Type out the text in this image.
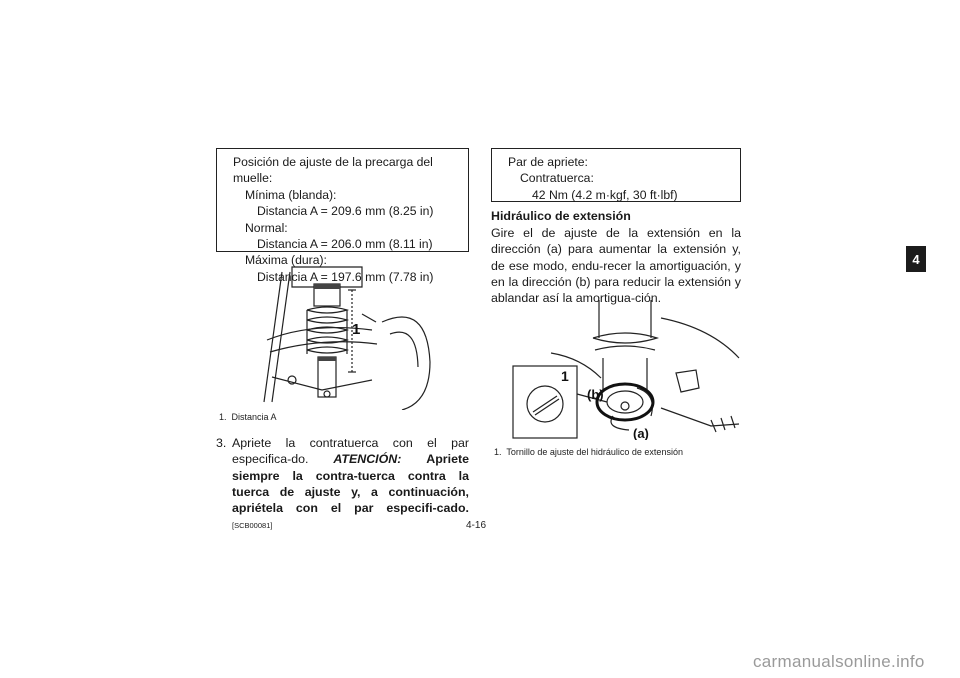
4
Posición de ajuste de la precarga del muelle:
Mínima (blanda):
Distancia A = 209.6 mm (8.25 in)
Normal:
Distancia A = 206.0 mm (8.11 in)
Máxima (dura):
Distancia A = 197.6 mm (7.78 in)
1
1. Distancia A
3. Apriete la contratuerca con el par especifica-do. ATENCIÓN: Apriete siempre la contra-tuerca contra la tuerca de ajuste y, a continuación, apriételа con el par especifi-cado. [SCB00081]
Par de apriete:
Contratuerca:
42 Nm (4.2 m·kgf, 30 ft·lbf)
Hidráulico de extensión
Gire el de ajuste de la extensión en la dirección (a) para aumentar la extensión y, de ese modo, endu-recer la amortiguación, y en la dirección (b) para reducir la extensión y ablandar así la amortigua-ción.
1
(b)
(a)
1. Tornillo de ajuste del hidráulico de extensión
4-16
carmanualsonline.info
